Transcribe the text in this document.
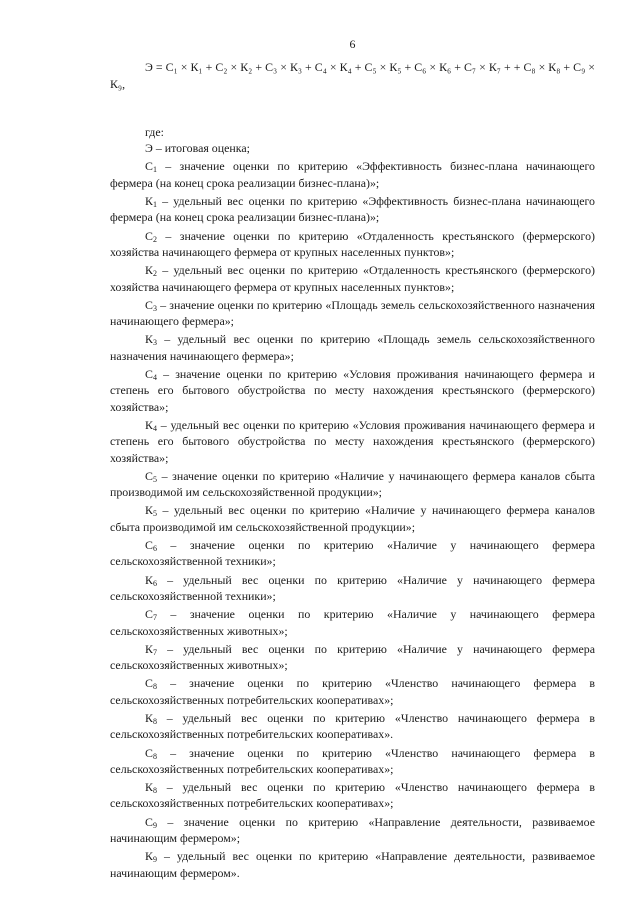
6
Э = С₁ × К₁ + С₂ × К₂ + С₃ × К₃ + С₄ × К₄ + С₅ × К₅ + С₆ × К₆ + С₇ × К₇ + + С₈ × К₈ + С₉ × К₉,

где:

Э – итоговая оценка;

$С_1$ – значение оценки по критерию «Эффективность бизнес-плана начинающего фермера (на конец срока реализации бизнес-плана)»;

$К_1$ – удельный вес оценки по критерию «Эффективность бизнес-плана начинающего фермера (на конец срока реализации бизнес-плана)»;

$С_2$ – значение оценки по критерию «Отдаленность крестьянского (фермерского) хозяйства начинающего фермера от крупных населенных пунктов»;

$К_2$ – удельный вес оценки по критерию «Отдаленность крестьянского (фермерского) хозяйства начинающего фермера от крупных населенных пунктов»;

$С_3$ – значение оценки по критерию «Площадь земель сельскохозяйственного назначения начинающего фермера»;

$К_3$ – удельный вес оценки по критерию «Площадь земель сельскохозяйственного назначения начинающего фермера»;

$С_4$ – значение оценки по критерию «Условия проживания начинающего фермера и степень его бытового обустройства по месту нахождения крестьянского (фермерского) хозяйства»;

$К_4$ – удельный вес оценки по критерию «Условия проживания начинающего фермера и степень его бытового обустройства по месту нахождения крестьянского (фермерского) хозяйства»;

$С_5$ – значение оценки по критерию «Наличие у начинающего фермера каналов сбыта производимой им сельскохозяйственной продукции»;

$К_5$ – удельный вес оценки по критерию «Наличие у начинающего фермера каналов сбыта производимой им сельскохозяйственной продукции»;

$С_6$ – значение оценки по критерию «Наличие у начинающего фермера сельскохозяйственной техники»;

$К_6$ – удельный вес оценки по критерию «Наличие у начинающего фермера сельскохозяйственной техники»;

$С_7$ – значение оценки по критерию «Наличие у начинающего фермера сельскохозяйственных животных»;

$К_7$ – удельный вес оценки по критерию «Наличие у начинающего фермера сельскохозяйственных животных»;

$С_8$ – значение оценки по критерию «Членство начинающего фермера в сельскохозяйственных потребительских кооперативах»;

$К_8$ – удельный вес оценки по критерию «Членство начинающего фермера в сельскохозяйственных потребительских кооперативах».

$С_8$ – значение оценки по критерию «Членство начинающего фермера в сельскохозяйственных потребительских кооперативах»;

$К_8$ – удельный вес оценки по критерию «Членство начинающего фермера в сельскохозяйственных потребительских кооперативах»;

$С_9$ – значение оценки по критерию «Направление деятельности, развиваемое начинающим фермером»;

$К_9$ – удельный вес оценки по критерию «Направление деятельности, развиваемое начинающим фермером».
